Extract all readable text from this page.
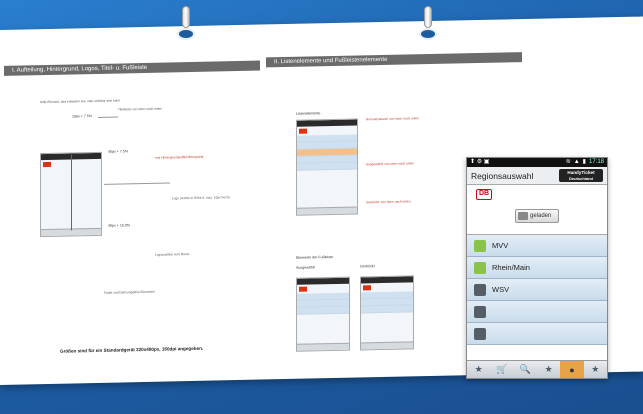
I. Aufteilung, Hintergrund, Logos, Titel- u. Fußleiste
II. Listenelemente und Fußleistenelemente
Hilfe-Element, das entweder leer oder sichtbar sein kann
Titelleiste von oben nach unten
10px + 7.5%
40px + 7.5%
erst Hintergrundgrafik/Hintergrund:
Logo (rechts in Höhe 6, max. 10px hoch)
40px + 15.0%
Logoposition vom Rand...
Farbe und Dehnungslinie Elemente!
Größen sind für ein Standardgerät 320x480px, 160dpi angegeben.
Listenelemente
Normalzustand: von oben nach unten
Ausgewählt: von oben nach unten
Gedrückt: von oben nach unten
Elemente der Fußleiste
Ausgewählt	Gedrückt
⬆ ⚙ ▣	≋ ▲ ▮ 17:18
Regionsauswahl	HandyTicket
Deutschland
DB
geladen
MVV
Rhein/Main
WSV
★ 🛒 🔍 ★ ● ★
